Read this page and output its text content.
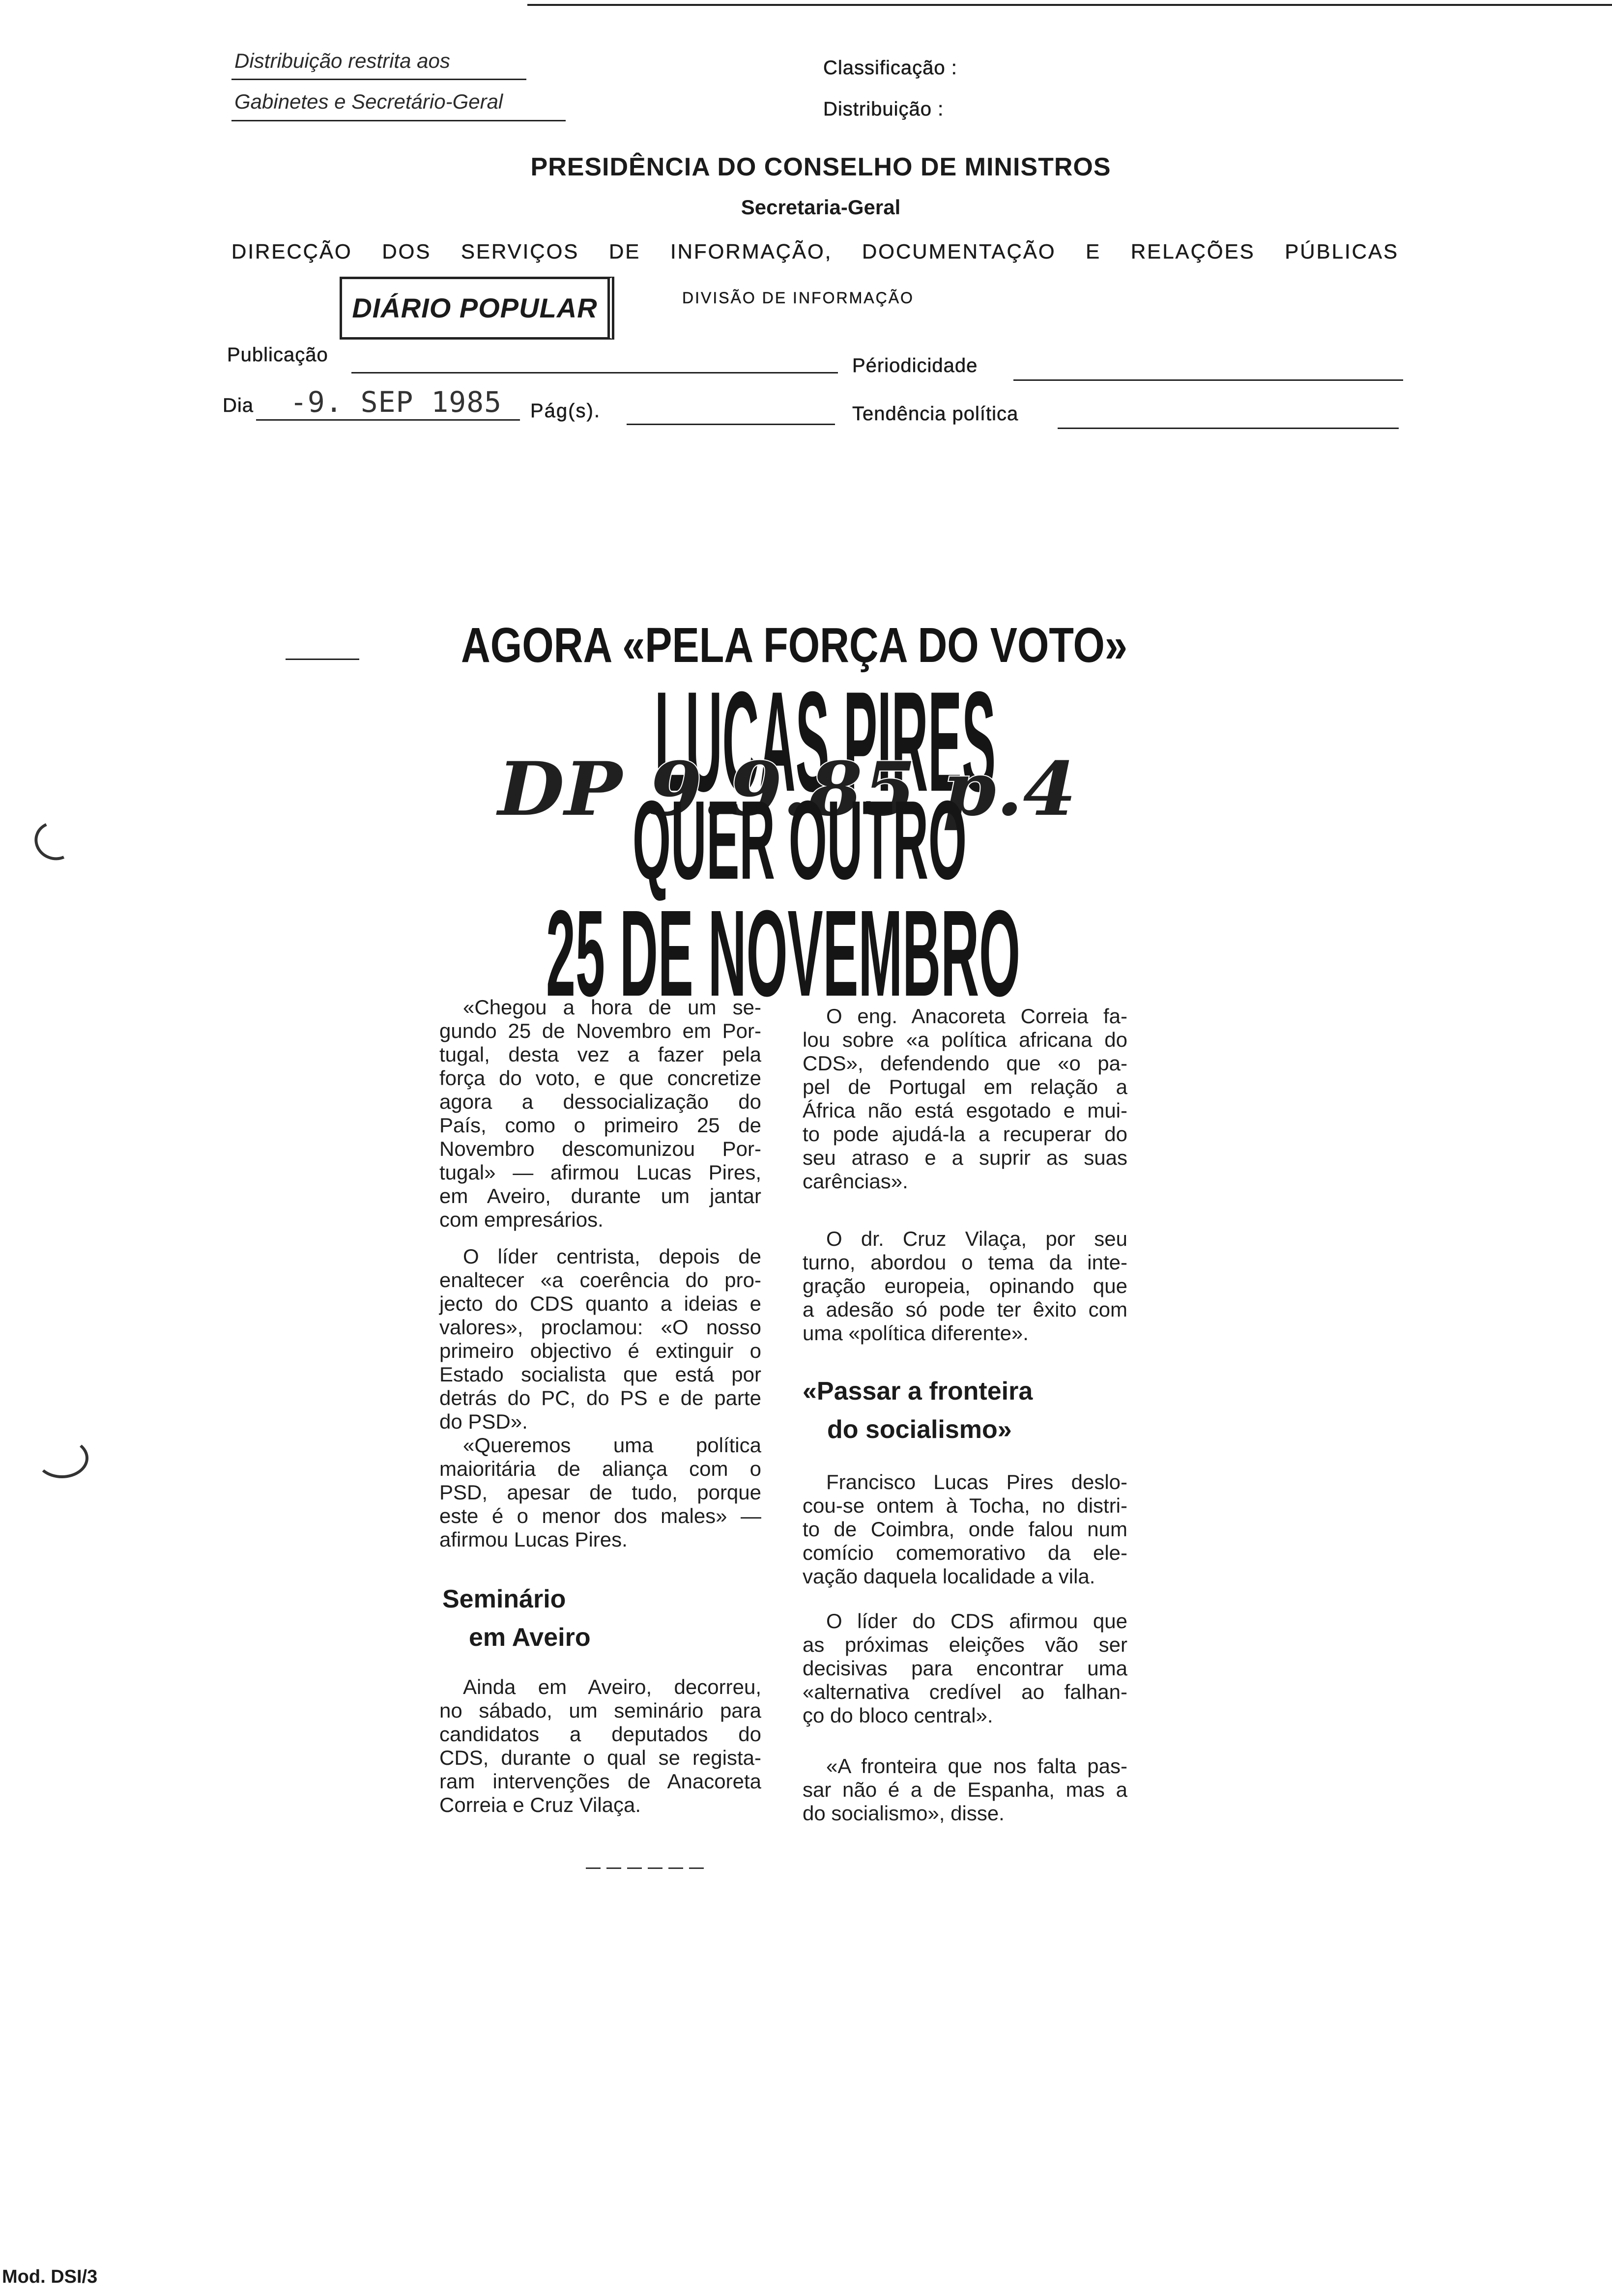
Distribuição restrita aos
Gabinetes e Secretário-Geral
Classificação :
Distribuição :
PRESIDÊNCIA DO CONSELHO DE MINISTROS
Secretaria-Geral
DIRECÇÃO DOS SERVIÇOS DE INFORMAÇÃO, DOCUMENTAÇÃO E RELAÇÕES PÚBLICAS
DIÁRIO POPULAR	DIVISÃO DE INFORMAÇÃO
Publicação	Périodicidade
Dia -9. SEP 1985 Pág(s).	Tendência política
AGORA «PELA FORÇA DO VOTO»
LUCAS PIRES
DP 9.9.85 p.4
QUER OUTRO
25 DE NOVEMBRO
«Chegou a hora de um se-
gundo 25 de Novembro em Por-
tugal, desta vez a fazer pela
força do voto, e que concretize
agora a dessocialização do
País, como o primeiro 25 de
Novembro descomunizou Por-
tugal» — afirmou Lucas Pires,
em Aveiro, durante um jantar
com empresários.
O líder centrista, depois de
enaltecer «a coerência do pro-
jecto do CDS quanto a ideias e
valores», proclamou: «O nosso
primeiro objectivo é extinguir o
Estado socialista que está por
detrás do PC, do PS e de parte
do PSD».
«Queremos uma política
maioritária de aliança com o
PSD, apesar de tudo, porque
este é o menor dos males» —
afirmou Lucas Pires.
Seminário
em Aveiro
Ainda em Aveiro, decorreu,
no sábado, um seminário para
candidatos a deputados do
CDS, durante o qual se regista-
ram intervenções de Anacoreta
Correia e Cruz Vilaça.
O eng. Anacoreta Correia fa-
lou sobre «a política africana do
CDS», defendendo que «o pa-
pel de Portugal em relação a
África não está esgotado e mui-
to pode ajudá-la a recuperar do
seu atraso e a suprir as suas
carências».
O dr. Cruz Vilaça, por seu
turno, abordou o tema da inte-
gração europeia, opinando que
a adesão só pode ter êxito com
uma «política diferente».
«Passar a fronteira
do socialismo»
Francisco Lucas Pires deslo-
cou-se ontem à Tocha, no distri-
to de Coimbra, onde falou num
comício comemorativo da ele-
vação daquela localidade a vila.
O líder do CDS afirmou que
as próximas eleições vão ser
decisivas para encontrar uma
«alternativa credível ao falhan-
ço do bloco central».
«A fronteira que nos falta pas-
sar não é a de Espanha, mas a
do socialismo», disse.
Mod. DSI/3
